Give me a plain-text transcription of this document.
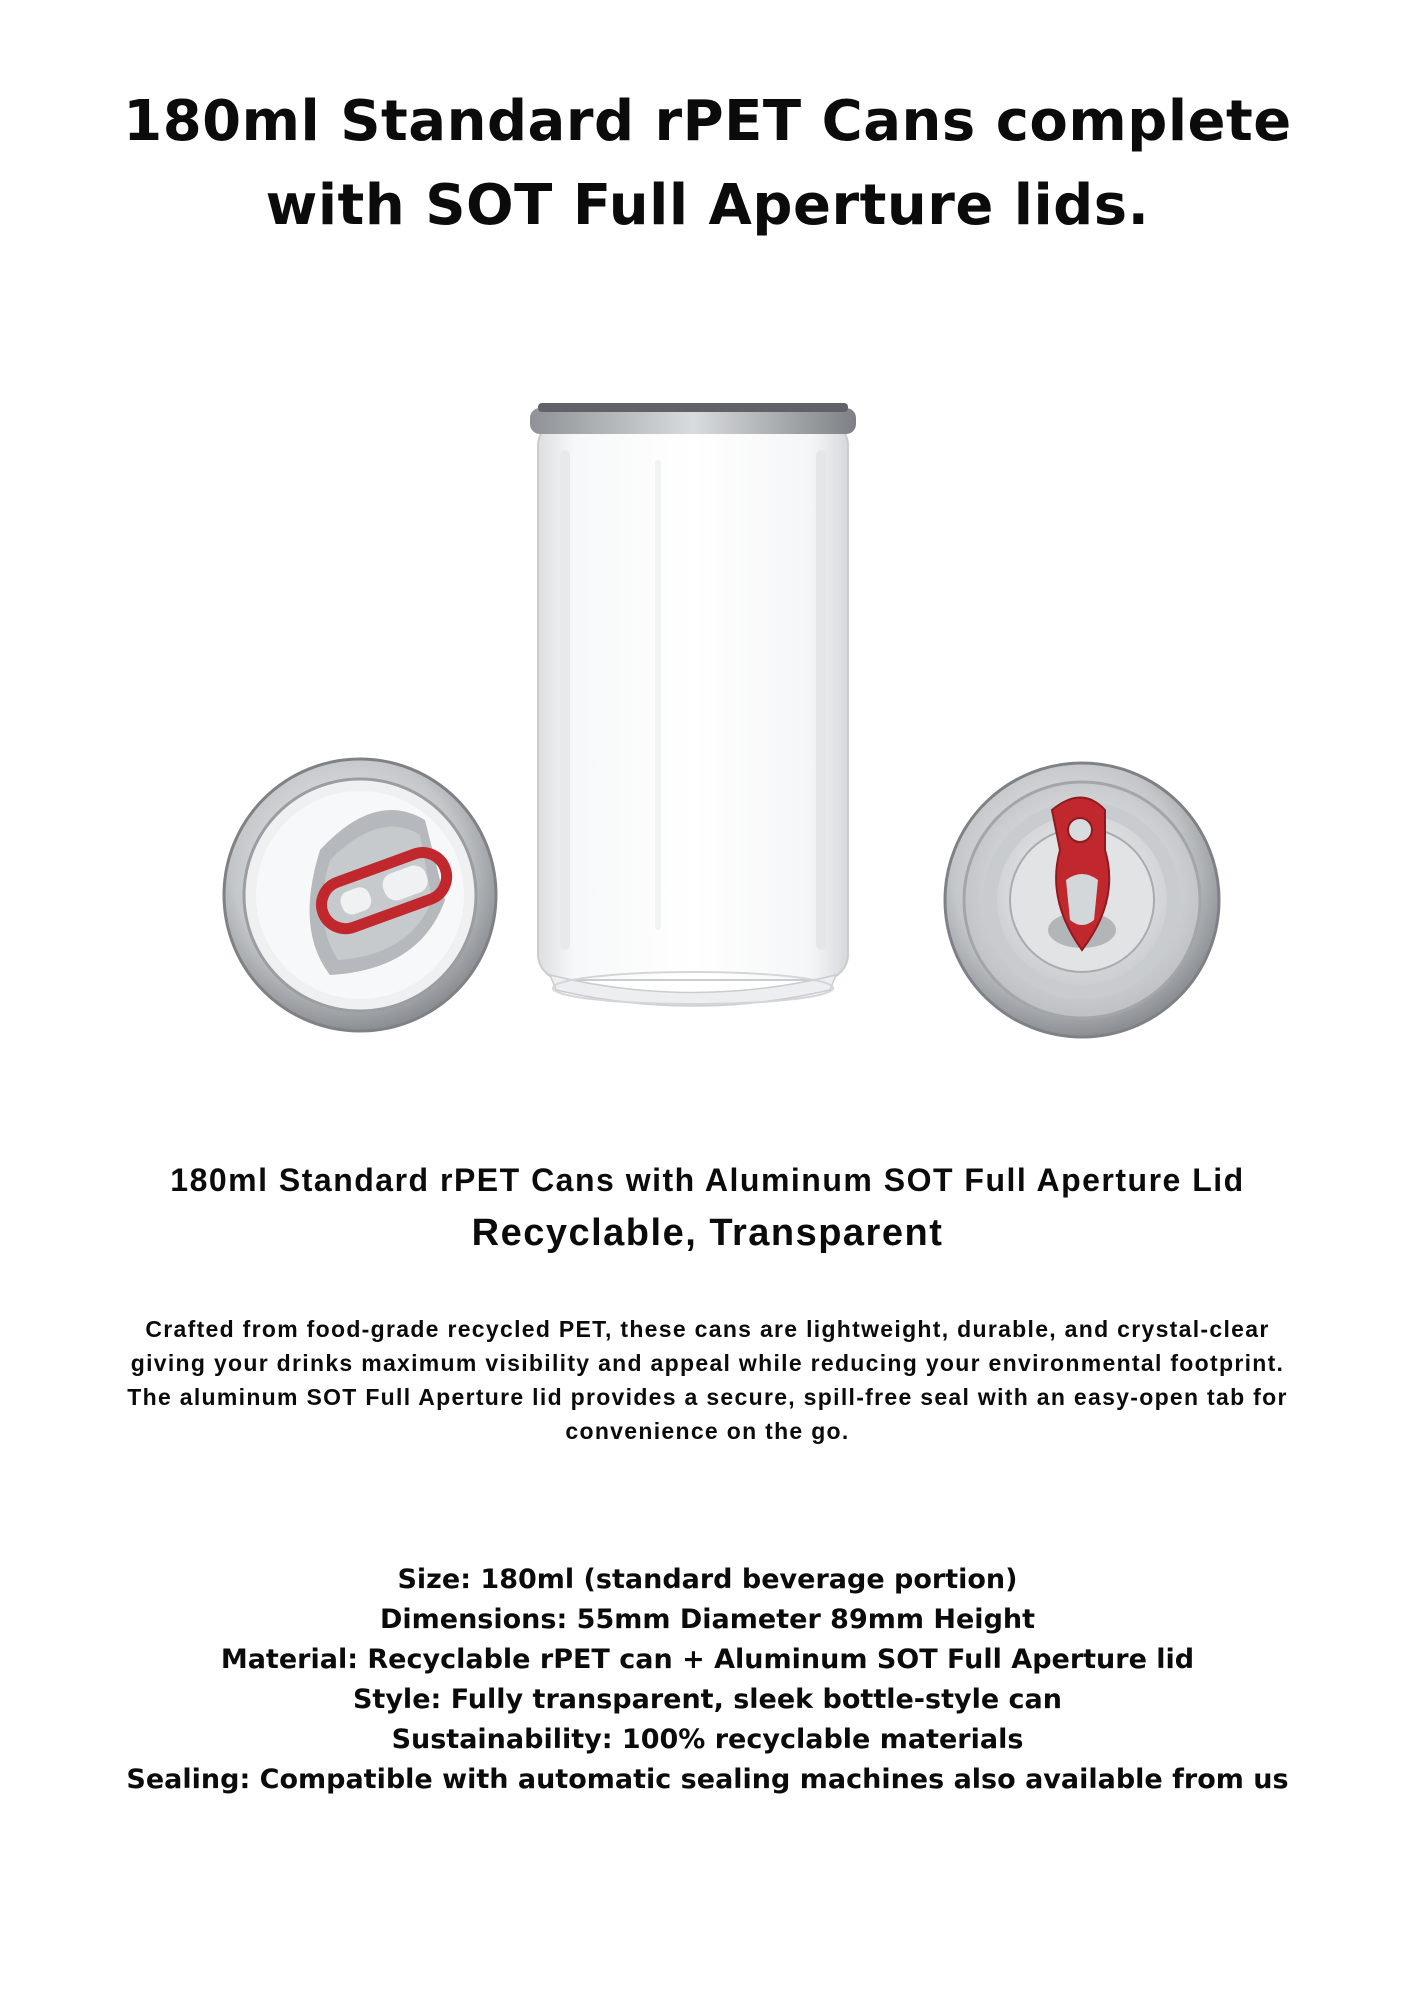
180ml Standard rPET Cans complete
with SOT Full Aperture lids.

180ml Standard rPET Cans with Aluminum SOT Full Aperture Lid

Recyclable, Transparent

Crafted from food-grade recycled PET, these cans are lightweight, durable, and crystal-clear
giving your drinks maximum visibility and appeal while reducing your environmental footprint.
The aluminum SOT Full Aperture lid provides a secure, spill-free seal with an easy-open tab for
convenience on the go.

Size: 180ml (standard beverage portion)
Dimensions: 55mm Diameter 89mm Height
Material: Recyclable rPET can + Aluminum SOT Full Aperture lid
Style: Fully transparent, sleek bottle-style can
Sustainability: 100% recyclable materials
Sealing: Compatible with automatic sealing machines also available from us
